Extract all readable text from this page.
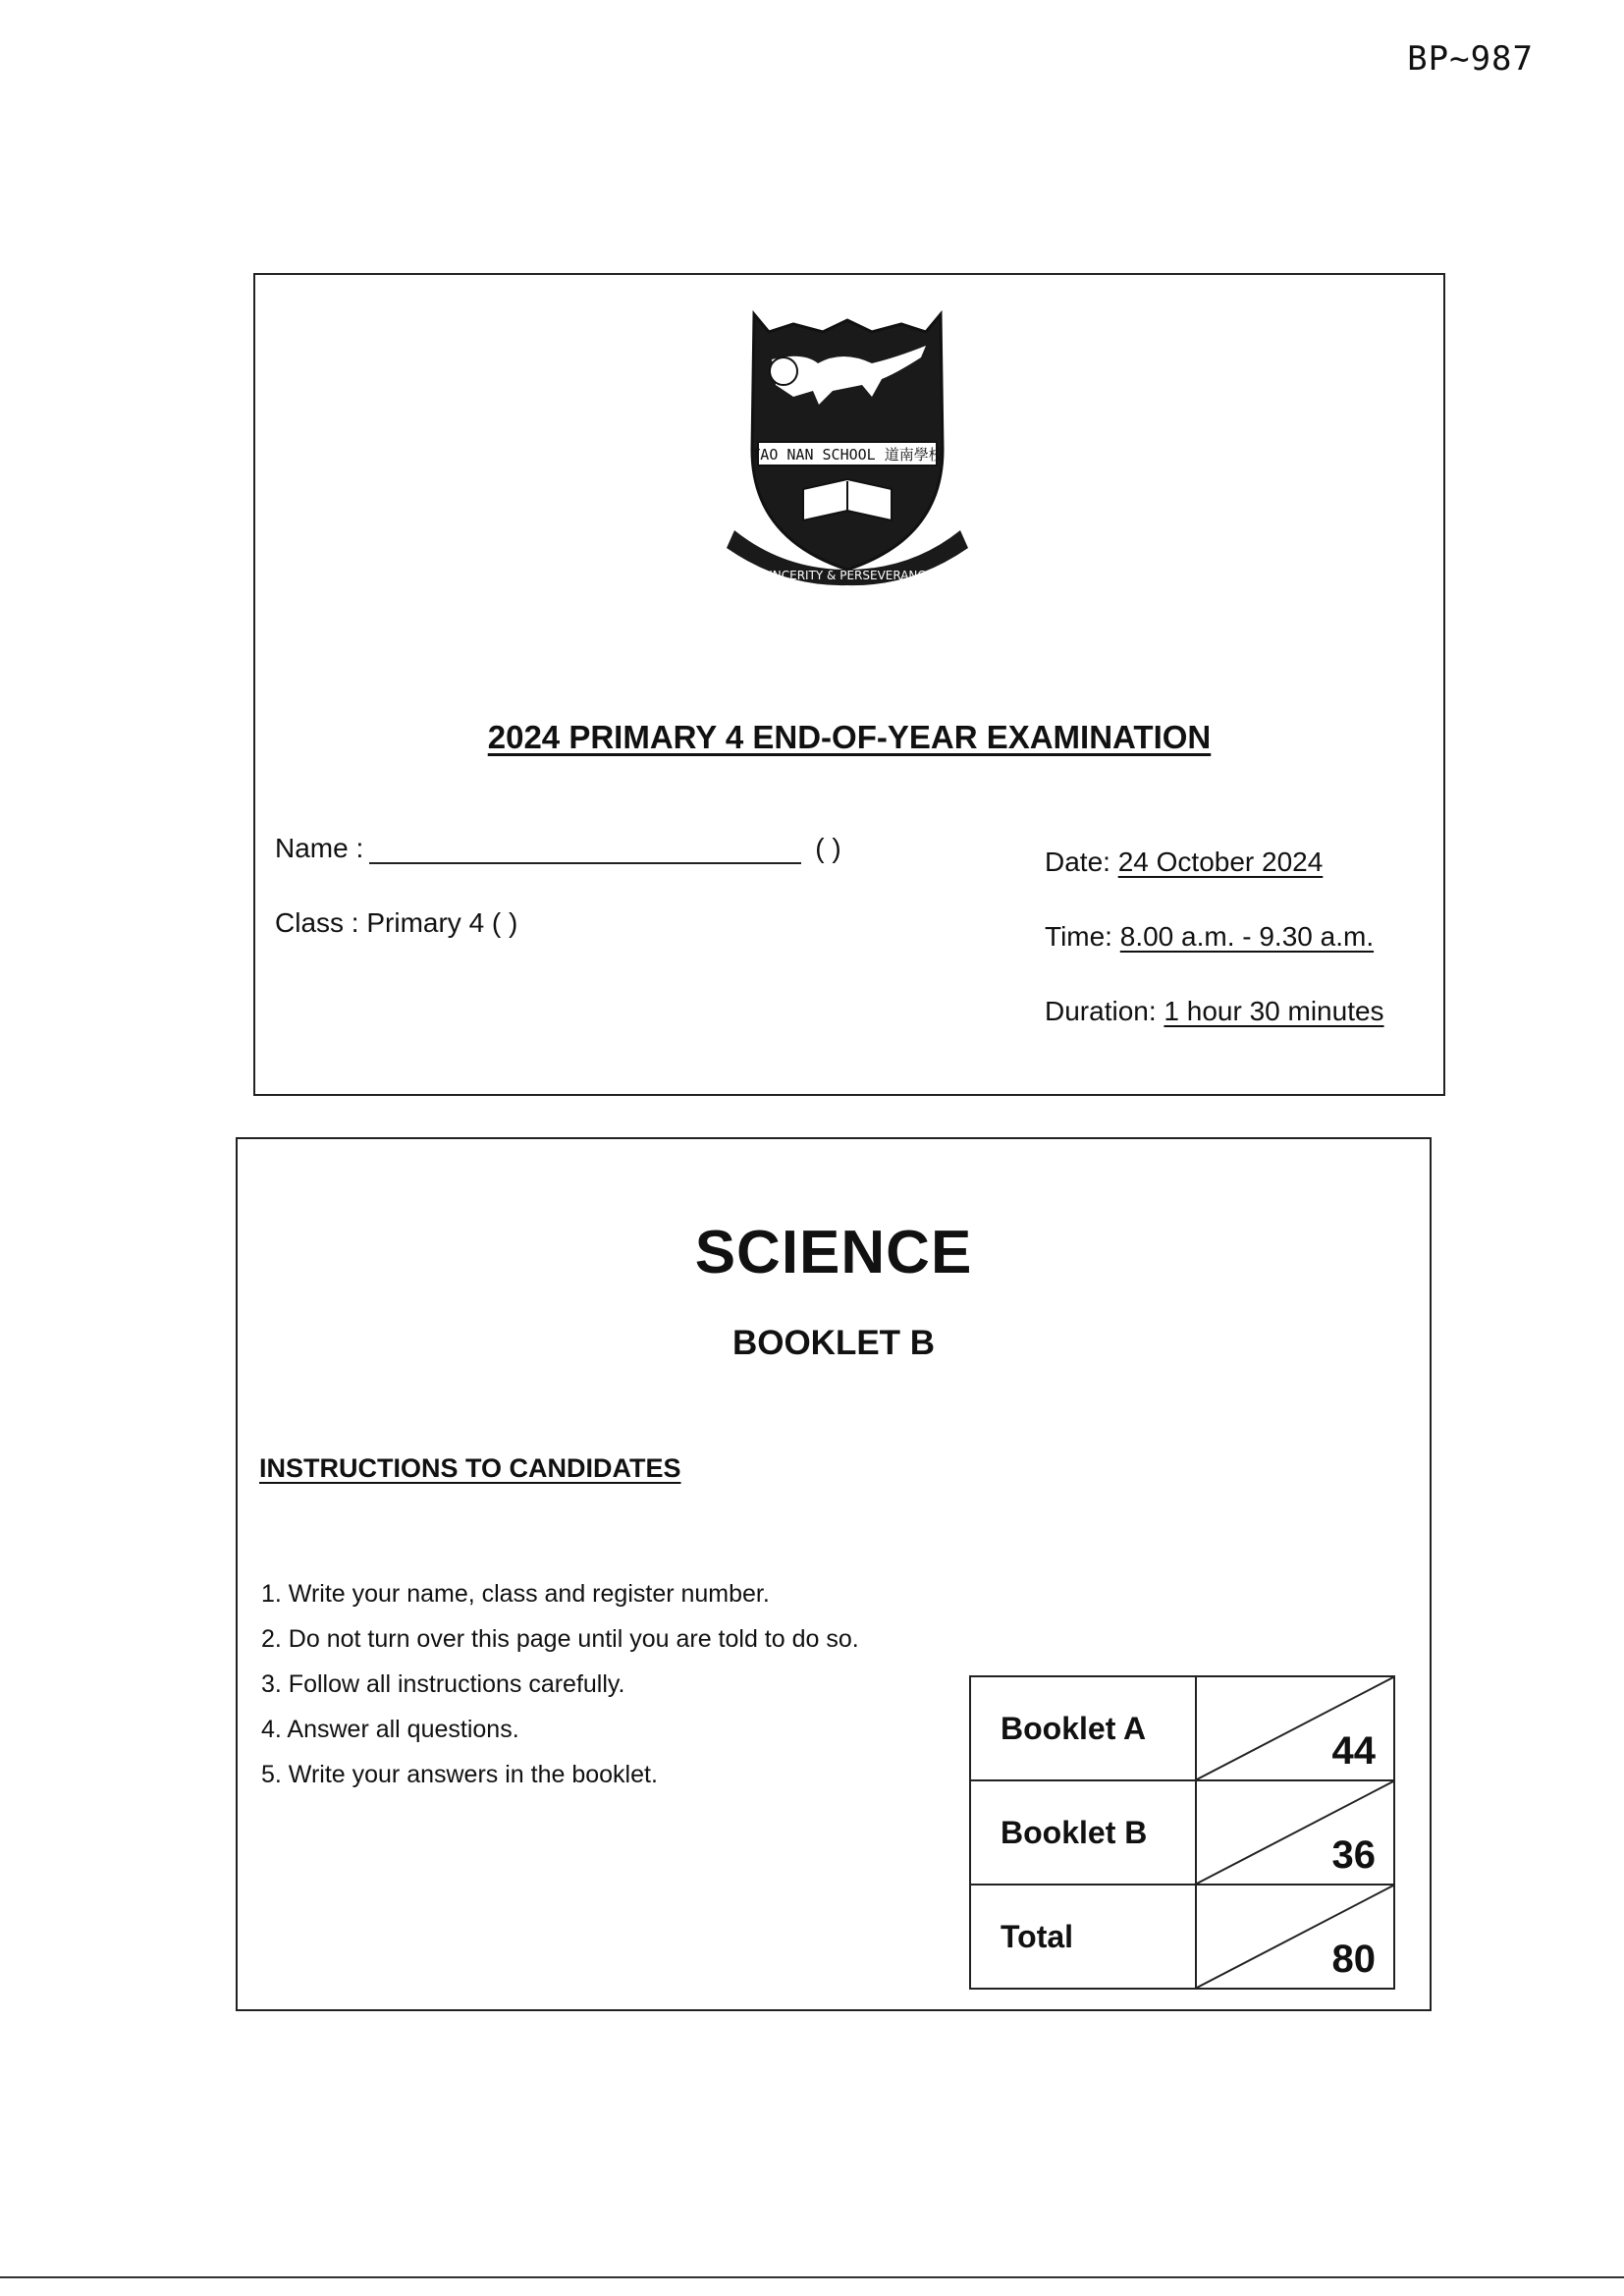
BP~987
TAO NAN SCHOOL 道南學校
SINCERITY & PERSEVERANCE
2024 PRIMARY 4 END-OF-YEAR EXAMINATION
Name :	( )
Class : Primary 4 ( )
Date: 24 October 2024
Time: 8.00 a.m. - 9.30 a.m.
Duration: 1 hour 30 minutes
SCIENCE
BOOKLET B
INSTRUCTIONS TO CANDIDATES
1. Write your name, class and register number.
2. Do not turn over this page until you are told to do so.
3. Follow all instructions carefully.
4. Answer all questions.
5. Write your answers in the booklet.
Booklet A	44

Booklet B	36

Total	80
